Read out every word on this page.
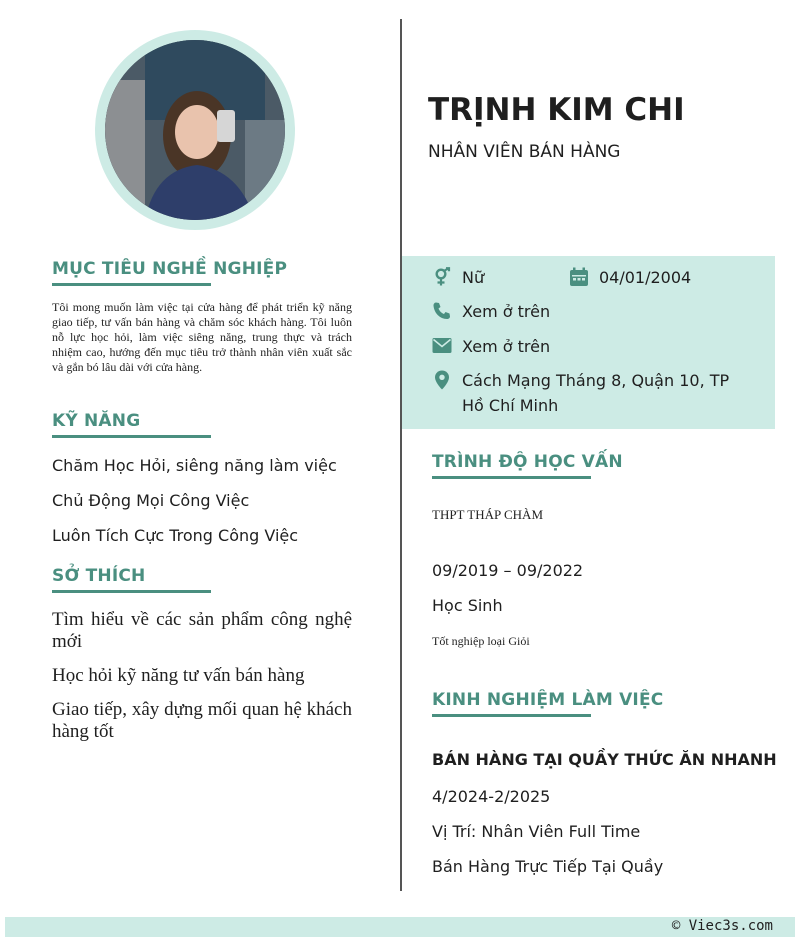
MỤC TIÊU NGHỀ NGHIỆP

Tôi mong muốn làm việc tại cửa hàng để phát triển kỹ năng giao tiếp, tư vấn bán hàng và chăm sóc khách hàng. Tôi luôn nỗ lực học hỏi, làm việc siêng năng, trung thực và trách nhiệm cao, hướng đến mục tiêu trở thành nhân viên xuất sắc và gắn bó lâu dài với cửa hàng.

KỸ NĂNG
Chăm Học Hỏi, siêng năng làm việc
Chủ Động Mọi Công Việc
Luôn Tích Cực Trong Công Việc
SỞ THÍCH
Tìm hiểu về các sản phẩm công nghệ mới
Học hỏi kỹ năng tư vấn bán hàng
Giao tiếp, xây dựng mối quan hệ khách hàng tốt
TRỊNH KIM CHI
NHÂN VIÊN BÁN HÀNG
Nữ	04/01/2004
Xem ở trên
Xem ở trên
Cách Mạng Tháng 8, Quận 10, TP Hồ Chí Minh
TRÌNH ĐỘ HỌC VẤN
THPT THÁP CHÀM
09/2019 – 09/2022
Học Sinh
Tốt nghiệp loại Giỏi
KINH NGHIỆM LÀM VIỆC
BÁN HÀNG TẠI QUẦY THỨC ĂN NHANH
4/2024-2/2025
Vị Trí: Nhân Viên Full Time
Bán Hàng Trực Tiếp Tại Quầy
© Viec3s.com
